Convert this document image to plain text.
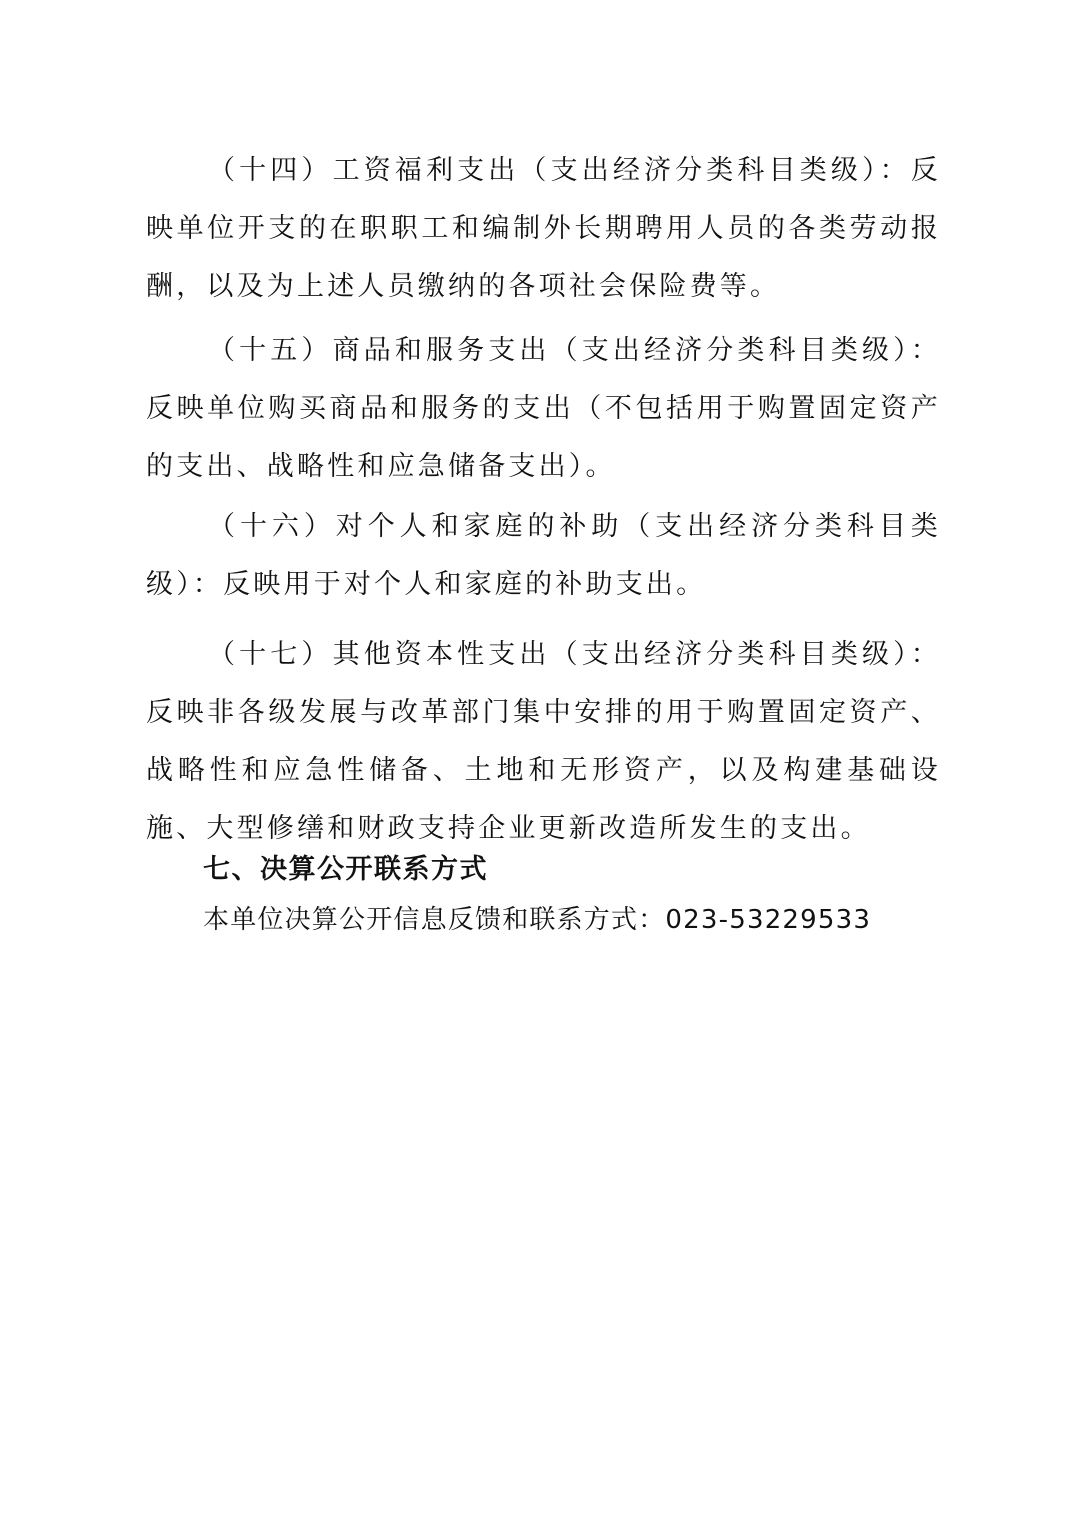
（十四）工资福利支出（支出经济分类科目类级）：反映单位开支的在职职工和编制外长期聘用人员的各类劳动报酬，以及为上述人员缴纳的各项社会保险费等。

（十五）商品和服务支出（支出经济分类科目类级）：反映单位购买商品和服务的支出（不包括用于购置固定资产的支出、战略性和应急储备支出）。

（十六）对个人和家庭的补助（支出经济分类科目类级）：反映用于对个人和家庭的补助支出。

（十七）其他资本性支出（支出经济分类科目类级）：反映非各级发展与改革部门集中安排的用于购置固定资产、战略性和应急性储备、土地和无形资产，以及构建基础设施、大型修缮和财政支持企业更新改造所发生的支出。

七、决算公开联系方式

本单位决算公开信息反馈和联系方式：023-53229533
